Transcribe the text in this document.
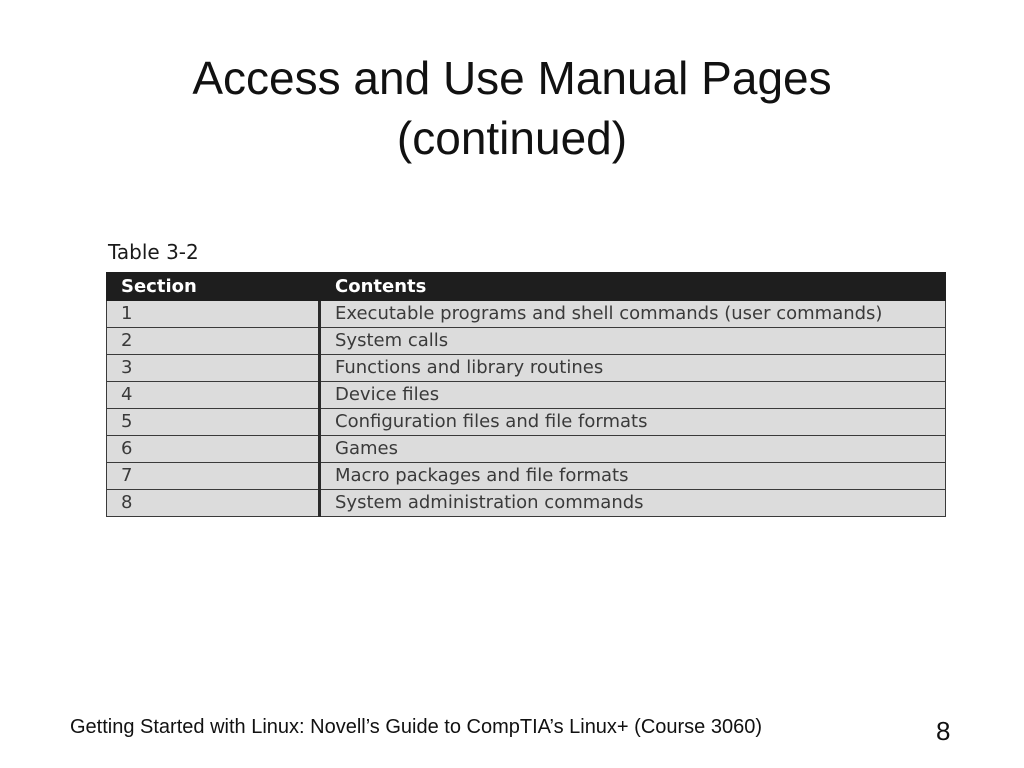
Access and Use Manual Pages
(continued)
Table 3-2
Section	Contents
1	Executable programs and shell commands (user commands)
2	System calls
3	Functions and library routines
4	Device files
5	Configuration files and file formats
6	Games
7	Macro packages and file formats
8	System administration commands
Getting Started with Linux: Novell’s Guide to CompTIA’s Linux+ (Course 3060)	8
